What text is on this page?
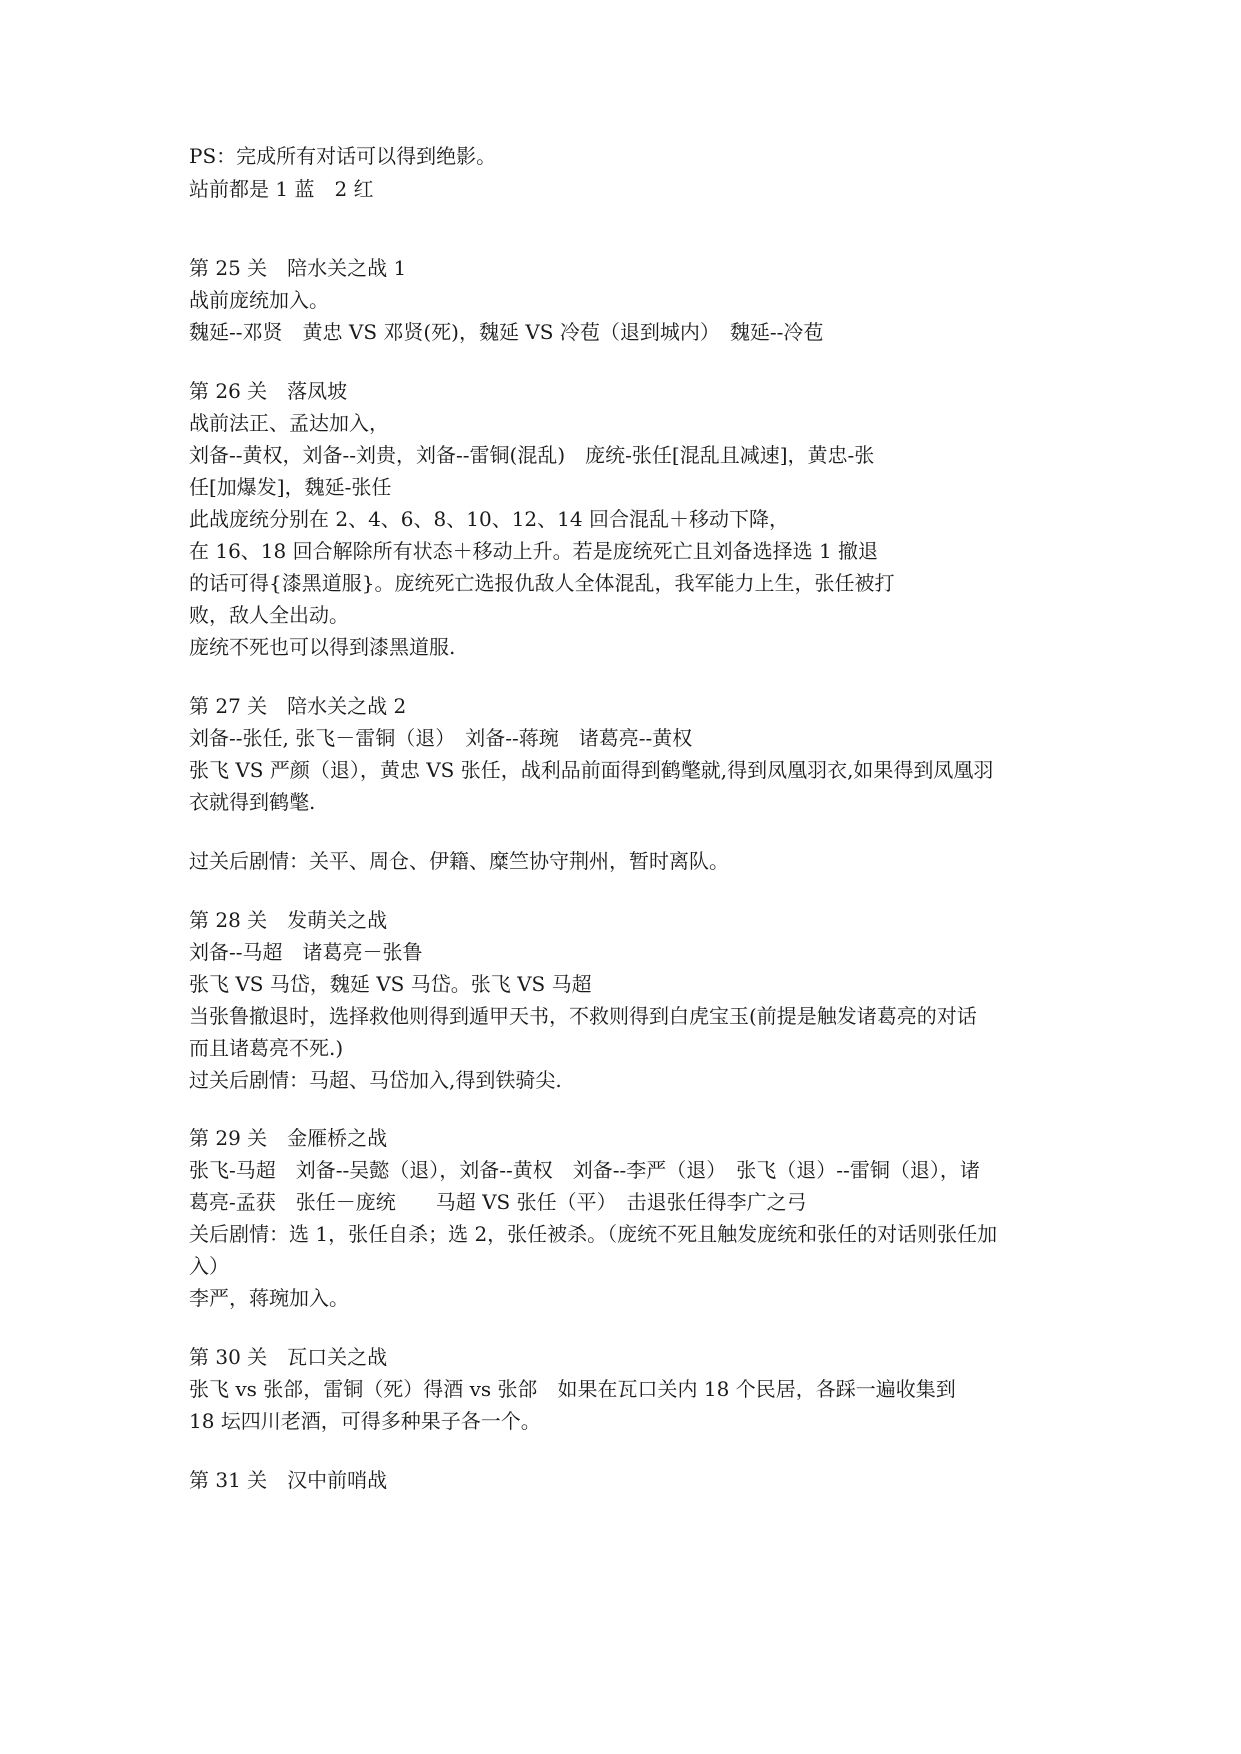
PS：完成所有对话可以得到绝影。
站前都是 1 蓝　2 红
第 25 关　陪水关之战 1
战前庞统加入。
魏延--邓贤　黄忠 VS 邓贤(死)，魏延 VS 冷苞（退到城内）　魏延--冷苞
第 26 关　落凤坡
战前法正、孟达加入，
刘备--黄权，刘备--刘贵，刘备--雷铜(混乱)　庞统-张任[混乱且减速]，黄忠-张
任[加爆发]，魏延-张任
此战庞统分别在 2、4、6、8、10、12、14 回合混乱＋移动下降，
在 16、18 回合解除所有状态＋移动上升。若是庞统死亡且刘备选择选 1 撤退
的话可得{漆黑道服}。庞统死亡选报仇敌人全体混乱，我军能力上生，张任被打
败，敌人全出动。
庞统不死也可以得到漆黑道服.
第 27 关　陪水关之战 2
刘备--张任, 张飞－雷铜（退）　刘备--蒋琬　诸葛亮--黄权
张飞 VS 严颜（退），黄忠 VS 张任，战利品前面得到鹤氅就,得到凤凰羽衣,如果得到凤凰羽
衣就得到鹤氅.
过关后剧情：关平、周仓、伊籍、糜竺协守荆州，暂时离队。
第 28 关　发萌关之战
刘备--马超　诸葛亮－张鲁
张飞 VS 马岱，魏延 VS 马岱。张飞 VS 马超
当张鲁撤退时，选择救他则得到遁甲天书，不救则得到白虎宝玉(前提是触发诸葛亮的对话
而且诸葛亮不死.)
过关后剧情：马超、马岱加入,得到铁骑尖.
第 29 关　金雁桥之战
张飞-马超　刘备--吴懿（退），刘备--黄权　刘备--李严（退）　张飞（退）--雷铜（退），诸
葛亮-孟获　张任－庞统　　马超 VS 张任（平）　击退张任得李广之弓
关后剧情：选 1，张任自杀；选 2，张任被杀。（庞统不死且触发庞统和张任的对话则张任加
入）
李严，蒋琬加入。
第 30 关　瓦口关之战
张飞 vs 张郃，雷铜（死）得酒 vs 张郃　如果在瓦口关内 18 个民居，各踩一遍收集到
18 坛四川老酒，可得多种果子各一个。
第 31 关　汉中前哨战
